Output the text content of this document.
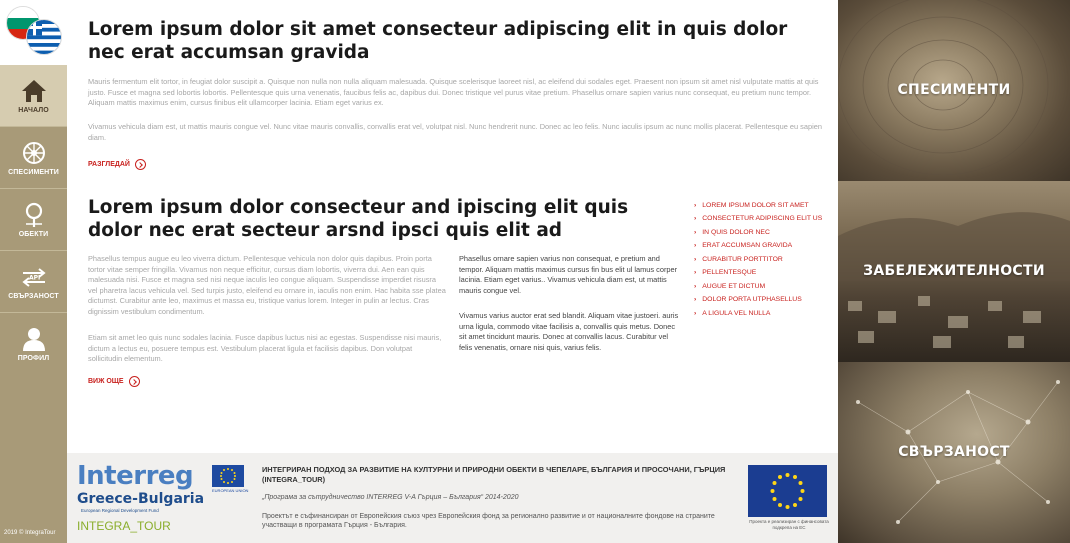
НАЧАЛО
СПЕСИМЕНТИ
ОБЕКТИ
API
СВЪРЗАНОСТ
ПРОФИЛ
2019 © IntegraTour
Lorem ipsum dolor sit amet consecteur adipiscing elit in quis dolor nec erat accumsan gravida

Mauris fermentum elit tortor, in feugiat dolor suscipit a. Quisque non nulla non nulla aliquam malesuada. Quisque scelerisque laoreet nisl, ac eleifend dui sodales eget. Praesent non ipsum sit amet nisl vulputate mattis at quis justo. Fusce et magna sed lobortis lobortis. Pellentesque quis urna venenatis, faucibus felis ac, dapibus dui. Donec tristique vel purus vitae pretium. Phasellus ornare sapien varius nunc consequat, eu pretium nunc tempor. Aliquam mattis maximus enim, cursus finibus elit ullamcorper lacinia. Etiam eget varius ex.

Vivamus vehicula diam est, ut mattis mauris congue vel. Nunc vitae mauris convallis, convallis erat vel, volutpat nisl. Nunc hendrerit nunc. Donec ac leo felis. Nunc iaculis ipsum ac nunc mollis placerat. Pellentesque eu sapien diam.

РАЗГЛЕДАЙ
Lorem ipsum dolor consecteur and ipiscing elit quis dolor nec erat secteur arsnd ipsci quis elit ad

Phasellus tempus augue eu leo viverra dictum. Pellentesque vehicula non dolor quis dapibus. Proin porta tortor vitae semper fringilla. Vivamus non neque efficitur, cursus diam lobortis, viverra dui. Aen ean quis malesuada nisi. Fusce et magna sed nisi neque iaculis leo congue aliquam. Suspendisse imperdiet risusra vel pharetra lacus vehicula vel. Sed turpis justo, eleifend eu ornare in, iaculis non enim. Hac habita sse platea dictumst. Curabitur ante leo, maximus et massa eu, tristique varius lorem. Integer in pulin ar lectus. Cras dignissim vestibulum condimentum.

Etiam sit amet leo quis nunc sodales lacinia. Fusce dapibus luctus nisi ac egestas. Suspendisse nisi mauris, dictum a lectus eu, posuere tempus est. Vestibulum placerat ligula et facilisis dapibus. Don volutpat sollicitudin elementum.

Phasellus ornare sapien varius non consequat, e pretium and tempor. Aliquam mattis maximus cursus fin bus elit ul lamus corper lacinia. Etiam eget varius.. Vivamus vehicula diam est, ut mattis mauris congue vel.

Vivamus varius auctor erat sed blandit. Aliquam vitae justoeri. auris urna ligula, commodo vitae facilisis a, convallis quis metus. Donec sit amet tincidunt mauris. Donec at convallis lacus. Curabitur vel felis venenatis, ornare nisi quis, varius felis.

ВИЖ ОЩЕ
› LOREM IPSUM DOLOR SIT AMET
› CONSECTETUR ADIPISCING ELIT US
› IN QUIS DOLOR NEC
› ERAT ACCUMSAN GRAVIDA
› CURABITUR PORTTITOR
› PELLENTESQUE
› AUGUE ET DICTUM
› DOLOR PORTA UTPHASELLUS
› A LIGULA VEL NULLA
Interreg
Greece-Bulgaria
European Regional Development Fund
INTEGRA_TOUR
EUROPEAN UNION
ИНТЕГРИРАН ПОДХОД ЗА РАЗВИТИЕ НА КУЛТУРНИ И ПРИРОДНИ ОБЕКТИ В ЧЕПЕЛАРЕ, БЪЛГАРИЯ И ПРОСОЧАНИ, ГЪРЦИЯ (INTEGRA_TOUR)
„Програма за сътрудничество INTERREG V-A Гърция – България“ 2014-2020
Проектът е съфинансиран от Европейския съюз чрез Европейския фонд за регионално развитие и от националните фондове на страните участващи в програмата Гърция - България.
Проекта е реализиран с финансовата подкрепа на ЕС
СПЕСИМЕНТИ
ЗАБЕЛЕЖИТЕЛНОСТИ
СВЪРЗАНОСТ
